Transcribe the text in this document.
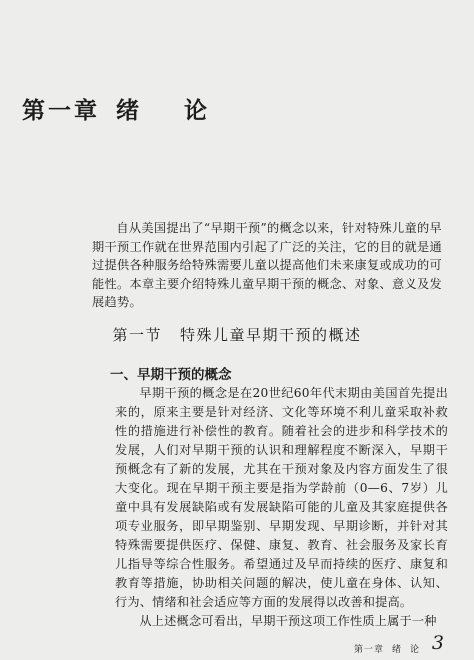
第一章 绪 论

自从美国提出了“早期干预”的概念以来，针对特殊儿童的早期干预工作就在世界范围内引起了广泛的关注，它的目的就是通过提供各种服务给特殊需要儿童以提高他们未来康复或成功的可能性。本章主要介绍特殊儿童早期干预的概念、对象、意义及发展趋势。

第一节 特殊儿童早期干预的概述
一、早期干预的概念

早期干预的概念是在20世纪60年代末期由美国首先提出来的，原来主要是针对经济、文化等环境不利儿童采取补救性的措施进行补偿性的教育。随着社会的进步和科学技术的发展，人们对早期干预的认识和理解程度不断深入，早期干预概念有了新的发展，尤其在干预对象及内容方面发生了很大变化。现在早期干预主要是指为学龄前（0—6、7岁）儿童中具有发展缺陷或有发展缺陷可能的儿童及其家庭提供各项专业服务，即早期鉴别、早期发现、早期诊断，并针对其特殊需要提供医疗、保健、康复、教育、社会服务及家长育儿指导等综合性服务。希望通过及早而持续的医疗、康复和教育等措施，协助相关问题的解决，使儿童在身体、认知、行为、情绪和社会适应等方面的发展得以改善和提高。

从上述概念可看出，早期干预这项工作性质上属于一种

第一章 绪 论 3
